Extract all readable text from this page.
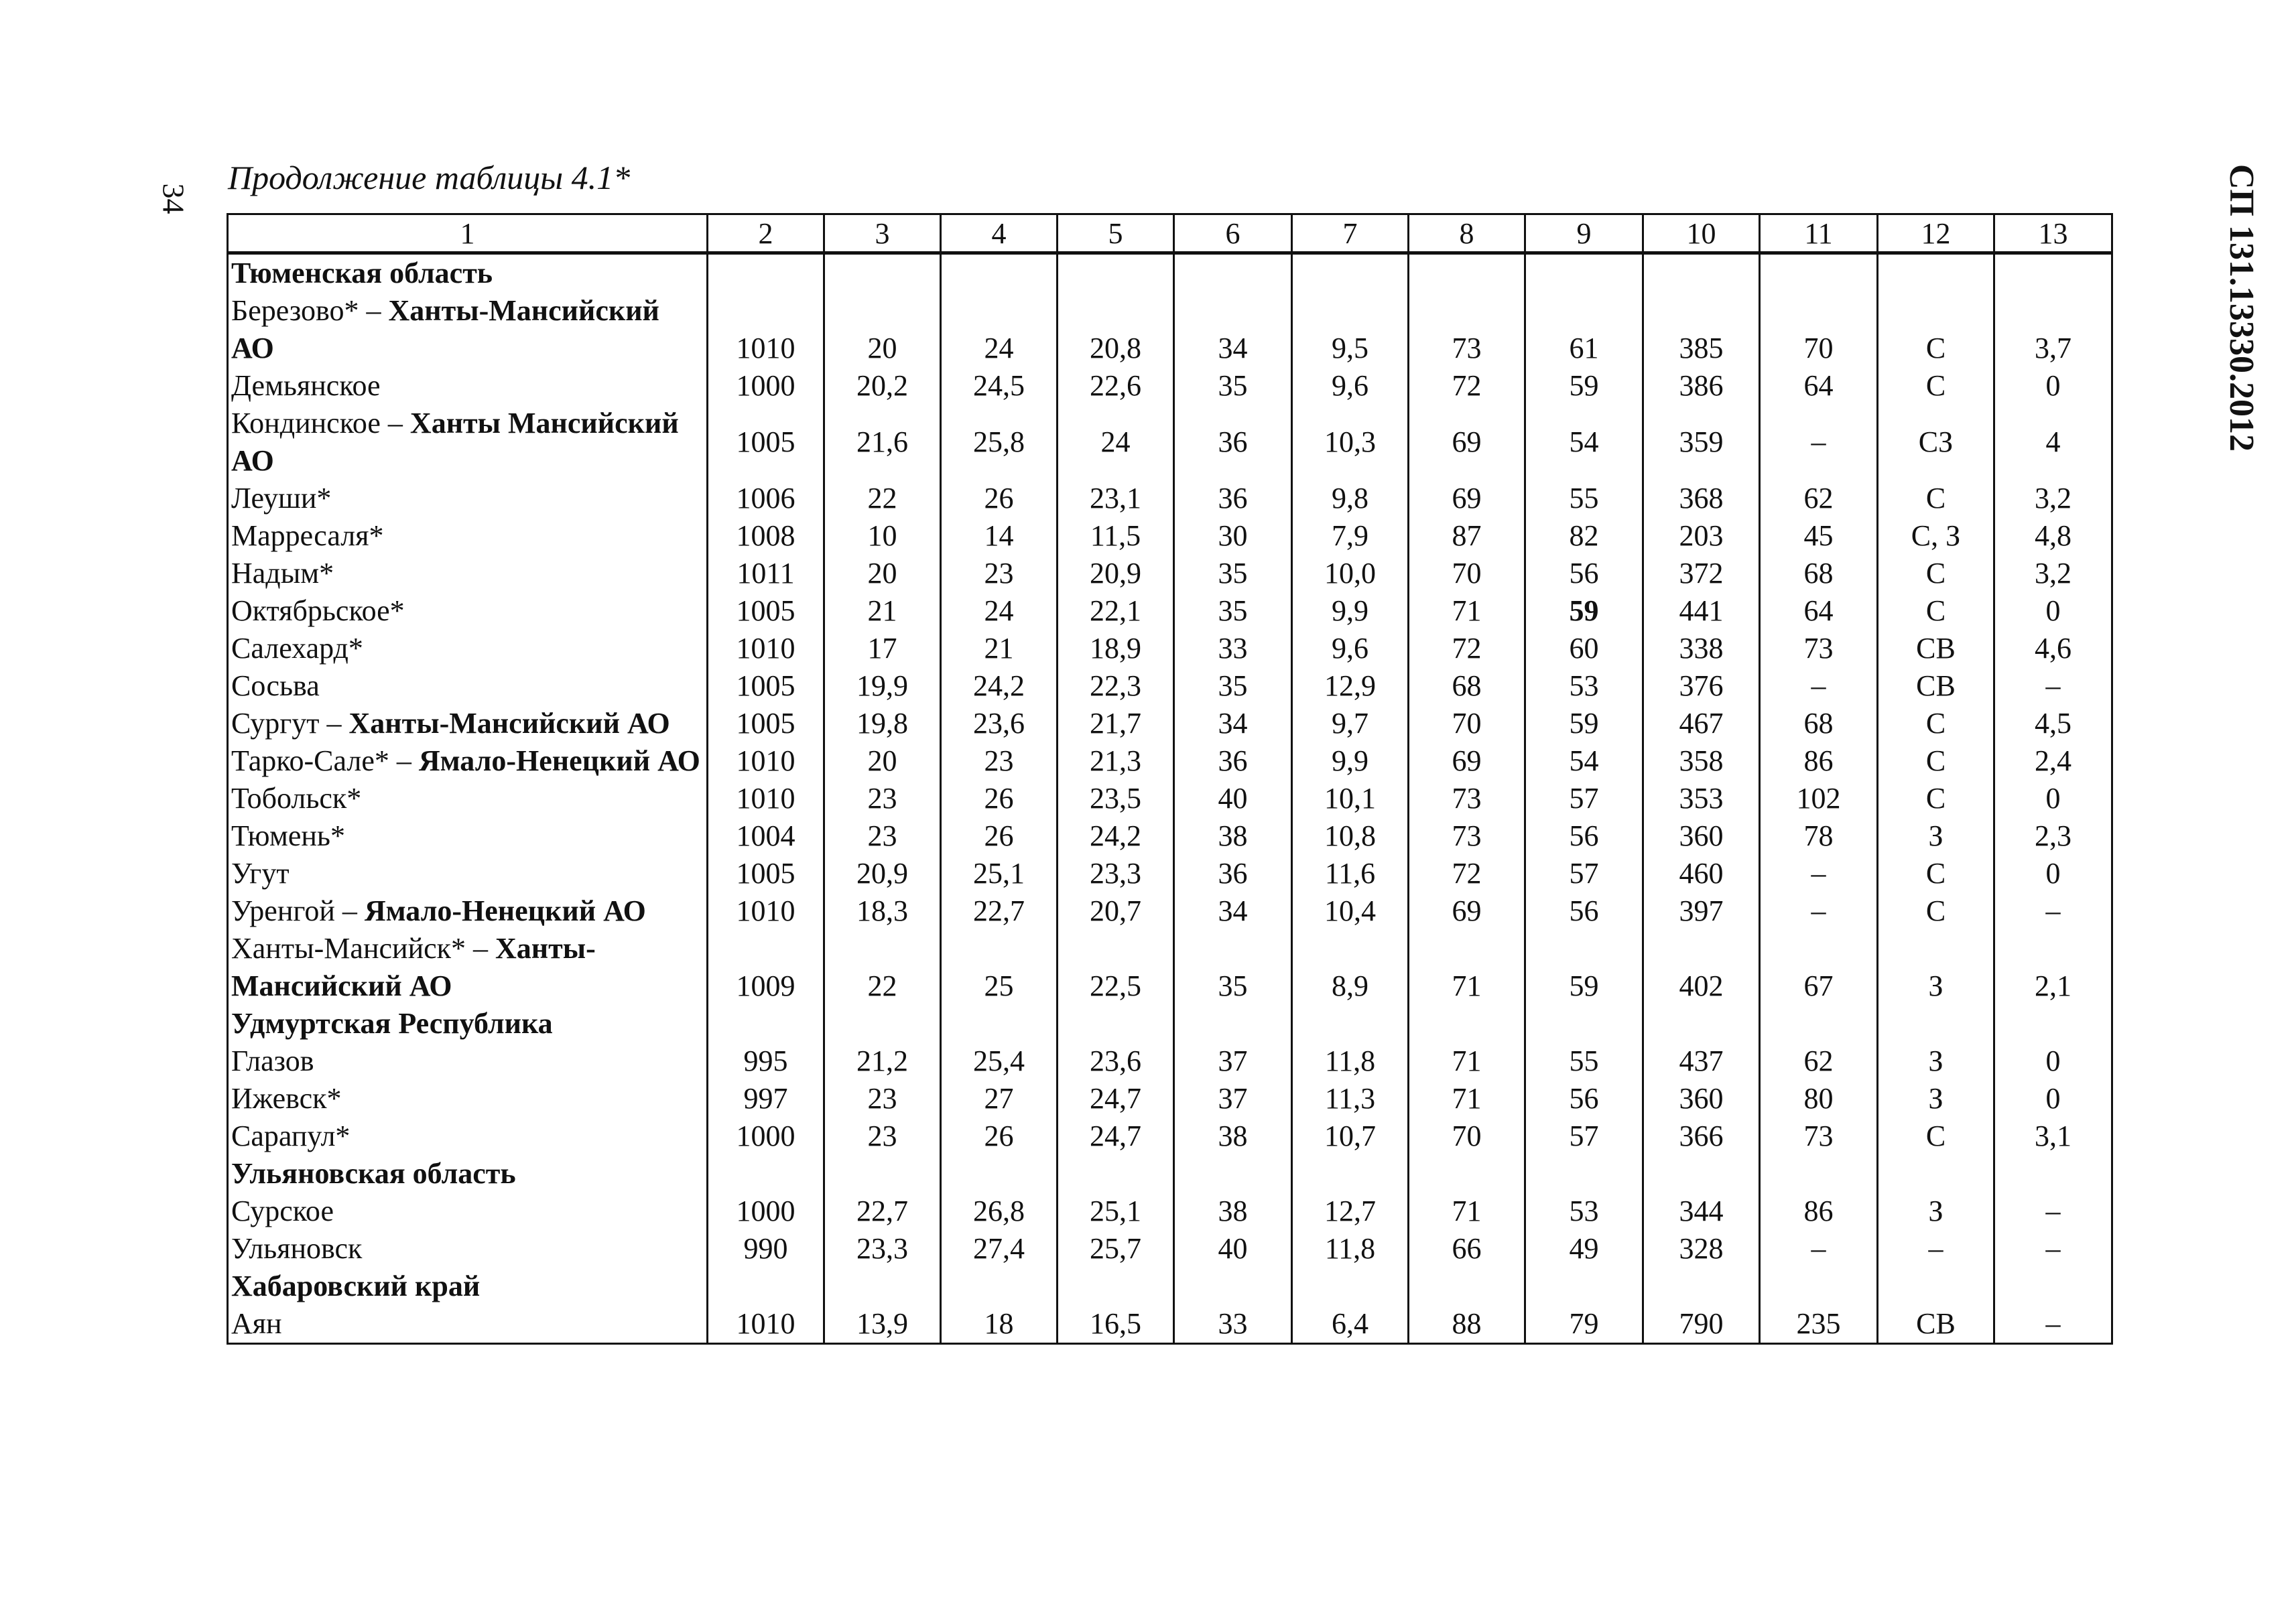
34
Продолжение таблицы 4.1*	СП 131.13330.2012
1	2	3	4	5	6	7	8	9	10	11	12	13
Тюменская область												
Березово* – Ханты-Мансийский АО	1010	20	24	20,8	34	9,5	73	61	385	70	С	3,7
Демьянское	1000	20,2	24,5	22,6	35	9,6	72	59	386	64	С	0
Кондинское – Ханты Мансийский АО	1005	21,6	25,8	24	36	10,3	69	54	359	–	СЗ	4
Леуши*	1006	22	26	23,1	36	9,8	69	55	368	62	С	3,2
Марресаля*	1008	10	14	11,5	30	7,9	87	82	203	45	С, З	4,8
Надым*	1011	20	23	20,9	35	10,0	70	56	372	68	С	3,2
Октябрьское*	1005	21	24	22,1	35	9,9	71	59	441	64	С	0
Салехард*	1010	17	21	18,9	33	9,6	72	60	338	73	СВ	4,6
Сосьва	1005	19,9	24,2	22,3	35	12,9	68	53	376	–	СВ	–
Сургут – Ханты-Мансийский АО	1005	19,8	23,6	21,7	34	9,7	70	59	467	68	С	4,5
Тарко-Сале* – Ямало-Ненецкий АО	1010	20	23	21,3	36	9,9	69	54	358	86	С	2,4
Тобольск*	1010	23	26	23,5	40	10,1	73	57	353	102	С	0
Тюмень*	1004	23	26	24,2	38	10,8	73	56	360	78	З	2,3
Угут	1005	20,9	25,1	23,3	36	11,6	72	57	460	–	С	0
Уренгой – Ямало-Ненецкий АО	1010	18,3	22,7	20,7	34	10,4	69	56	397	–	С	–
Ханты-Мансийск* – Ханты-Мансийский АО	1009	22	25	22,5	35	8,9	71	59	402	67	З	2,1
Удмуртская Республика												
Глазов	995	21,2	25,4	23,6	37	11,8	71	55	437	62	З	0
Ижевск*	997	23	27	24,7	37	11,3	71	56	360	80	З	0
Сарапул*	1000	23	26	24,7	38	10,7	70	57	366	73	С	3,1
Ульяновская область												
Сурское	1000	22,7	26,8	25,1	38	12,7	71	53	344	86	З	–
Ульяновск	990	23,3	27,4	25,7	40	11,8	66	49	328	–	–	–
Хабаровский край												
Аян	1010	13,9	18	16,5	33	6,4	88	79	790	235	СВ	–
